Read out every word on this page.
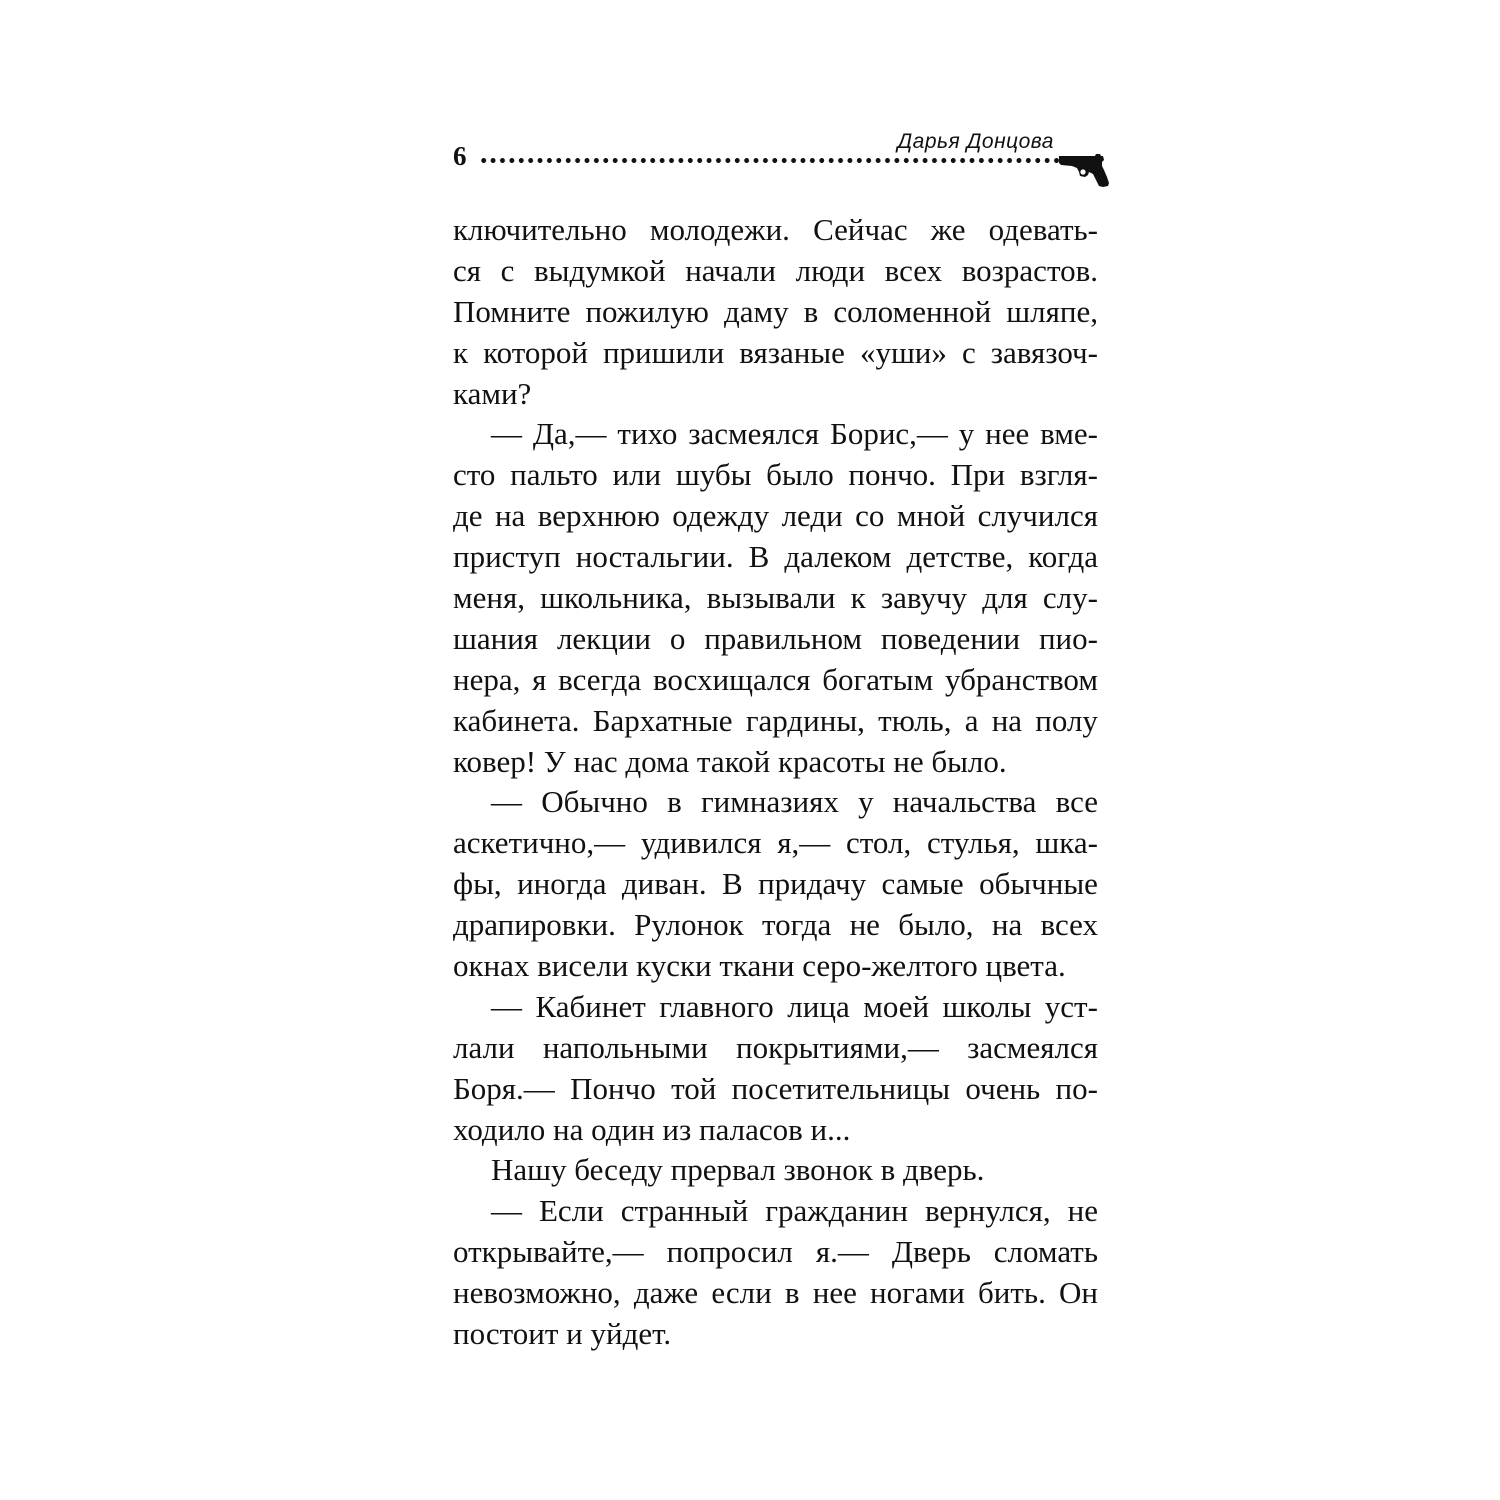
Дарья Донцова
6
ключительно молодежи. Сейчас же одевать-
ся с выдумкой начали люди всех возрастов.
Помните пожилую даму в соломенной шляпе,
к которой пришили вязаные «уши» с завязоч-
ками?
— Да,— тихо засмеялся Борис,— у нее вме-
сто пальто или шубы было пончо. При взгля-
де на верхнюю одежду леди со мной случился
приступ ностальгии. В далеком детстве, когда
меня, школьника, вызывали к завучу для слу-
шания лекции о правильном поведении пио-
нера, я всегда восхищался богатым убранством
кабинета. Бархатные гардины, тюль, а на полу
ковер! У нас дома такой красоты не было.
— Обычно в гимназиях у начальства все
аскетично,— удивился я,— стол, стулья, шка-
фы, иногда диван. В придачу самые обычные
драпировки. Рулонок тогда не было, на всех
окнах висели куски ткани серо-желтого цвета.
— Кабинет главного лица моей школы уст-
лали напольными покрытиями,— засмеялся
Боря.— Пончо той посетительницы очень по-
ходило на один из паласов и...
Нашу беседу прервал звонок в дверь.
— Если странный гражданин вернулся, не
открывайте,— попросил я.— Дверь сломать
невозможно, даже если в нее ногами бить. Он
постоит и уйдет.
